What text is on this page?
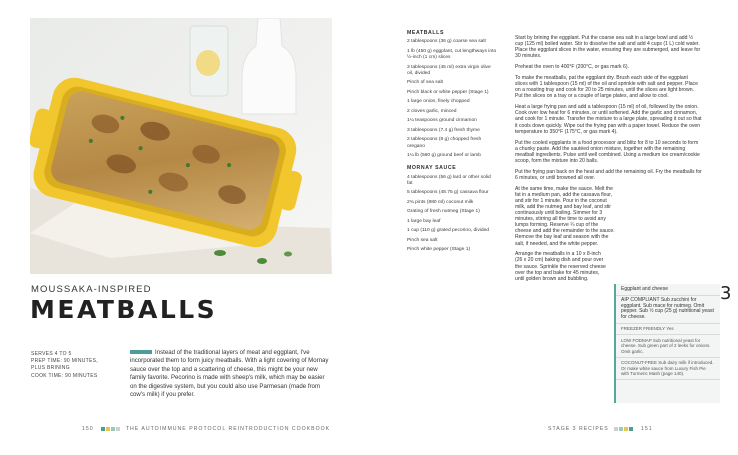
MOUSSAKA-INSPIRED
MEATBALLS
SERVES 4 TO 5
PREP TIME: 90 MINUTES,
PLUS BRINING
COOK TIME: 90 MINUTES
Instead of the traditional layers of meat and eggplant, I've incorporated them to form juicy meatballs. With a light covering of Mornay sauce over the top and a scattering of cheese, this might be your new family favorite. Pecorino is made with sheep's milk, which may be easier on the digestive system, but you could also use Parmesan (made from cow's milk) if you prefer.
MEATBALLS

2 tablespoons (36 g) coarse sea salt

1 lb (450 g) eggplant, cut lengthways into ½-inch (1 cm) slices

3 tablespoons (45 ml) extra virgin olive oil, divided

Pinch of sea salt

Pinch black or white pepper (Stage 1)

1 large onion, finely chopped

2 cloves garlic, minced

1¼ teaspoons ground cinnamon

3 tablespoons (7.4 g) fresh thyme

2 tablespoons (8 g) chopped fresh oregano

1¼ lb (560 g) ground beef or lamb

MORNAY SAUCE

4 tablespoons (56 g) lard or other solid fat

5 tablespoons (48.75 g) cassava flour

2¾ pints (880 ml) coconut milk

Grating of fresh nutmeg (Stage 1)

1 large bay leaf

1 cup (110 g) grated pecorino, divided

Pinch sea salt

Pinch white pepper (Stage 1)

Start by brining the eggplant. Put the coarse sea salt in a large bowl and add ½ cup (125 ml) boiled water. Stir to dissolve the salt and add 4 cups (1 L) cold water. Place the eggplant slices in the water, ensuring they are submerged, and leave for 30 minutes.

Preheat the oven to 400°F (200°C, or gas mark 6).

To make the meatballs, pat the eggplant dry. Brush each side of the eggplant slices with 1 tablespoon (15 ml) of the oil and sprinkle with salt and pepper. Place on a roasting tray and cook for 20 to 25 minutes, until the slices are light brown. Put the slices on a tray or a couple of large plates, and allow to cool.

Heat a large frying pan and add a tablespoon (15 ml) of oil, followed by the onion. Cook over low heat for 6 minutes, or until softened. Add the garlic and cinnamon, and cook for 1 minute. Transfer the mixture to a large plate, spreading it out so that it cools down quickly. Wipe out the frying pan with a paper towel. Reduce the oven temperature to 350°F (175°C, or gas mark 4).

Put the cooled eggplants in a food processor and blitz for 8 to 10 seconds to form a chunky paste. Add the sautéed onion mixture, together with the remaining meatball ingredients. Pulse until well combined. Using a medium ice cream/cookie scoop, form the mixture into 20 balls.

Put the frying pan back on the heat and add the remaining oil. Fry the meatballs for 6 minutes, or until browned all over.

At the same time, make the sauce. Melt the fat in a medium pan, add the cassava flour, and stir for 1 minute. Pour in the coconut milk, add the nutmeg and bay leaf, and stir continuously until boiling. Simmer for 3 minutes, stirring all the time to avoid any lumps forming. Reserve ¼ cup of the cheese and add the remainder to the sauce. Remove the bay leaf and season with the salt, if needed, and the white pepper.

Arrange the meatballs in a 10 x 8-inch (26 x 20 cm) baking dish and pour over the sauce. Sprinkle the reserved cheese over the top and bake for 45 minutes, until golden brown and bubbling.

Eggplant and cheese
AIP COMPLIANT Sub zucchini for eggplant. Sub mace for nutmeg. Omit pepper. Sub ½ cup (25 g) nutritional yeast for cheese.
FREEZER FRIENDLY Yes
LOW FODMAP Sub nutritional yeast for cheese. Sub green part of 2 leeks for onions. Omit garlic.
COCONUT-FREE Sub dairy milk if introduced. Or make white sauce from Luxury Fish Pie with Turmeric Mash (page 140).
3
150	THE AUTOIMMUNE PROTOCOL REINTRODUCTION COOKBOOK	STAGE 3 RECIPES	151
